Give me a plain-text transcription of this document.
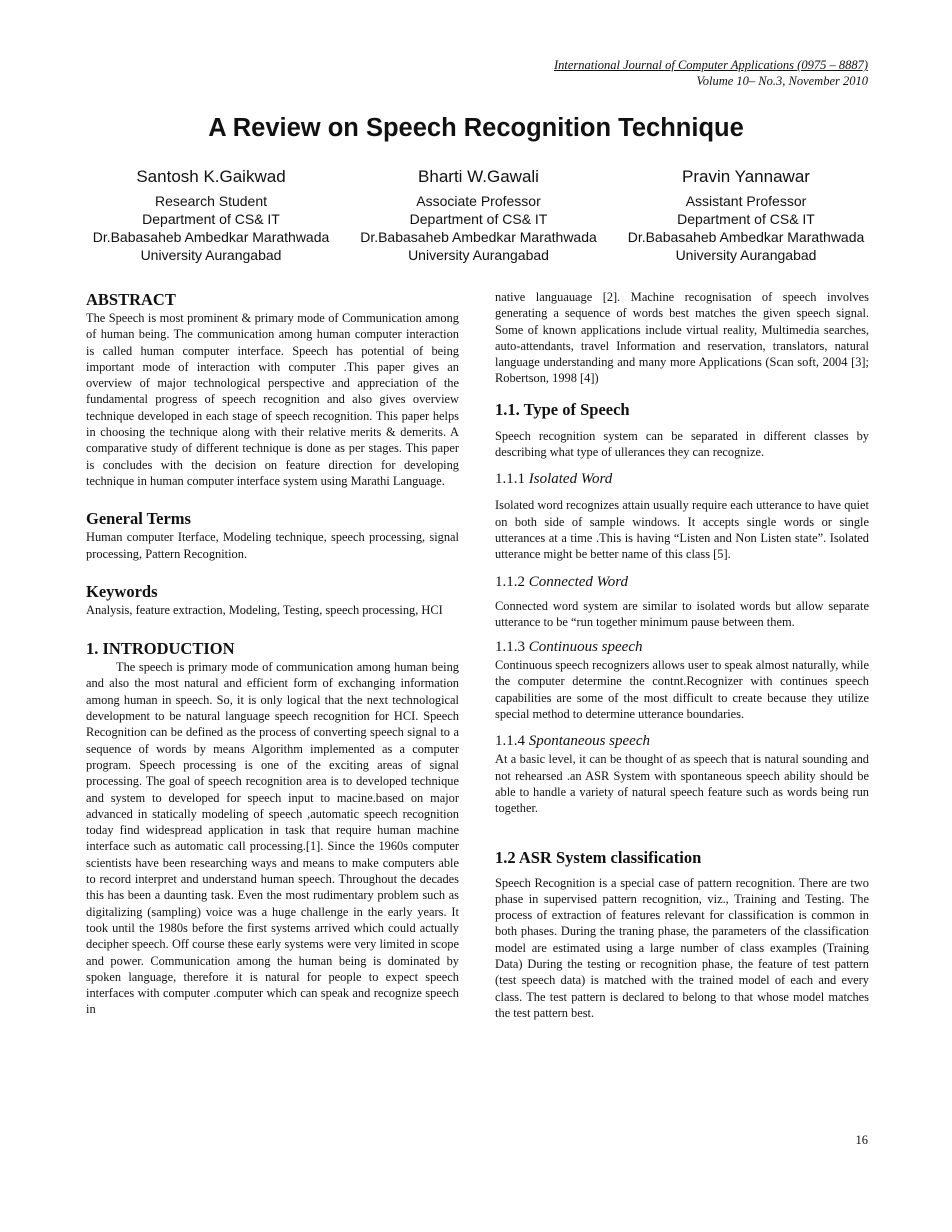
International Journal of Computer Applications (0975 – 8887)
Volume 10– No.3, November 2010
A Review on Speech Recognition Technique
Santosh K.Gaikwad
Research Student
Department of CS& IT
Dr.Babasaheb Ambedkar Marathwada
University Aurangabad
Bharti W.Gawali
Associate Professor
Department of CS& IT
Dr.Babasaheb Ambedkar Marathwada
University Aurangabad
Pravin Yannawar
Assistant Professor
Department of CS& IT
Dr.Babasaheb Ambedkar Marathwada
University Aurangabad
ABSTRACT

The Speech is most prominent & primary mode of Communication among of human being. The communication among human computer interaction is called human computer interface. Speech has potential of being important mode of interaction with computer .This paper gives an overview of major technological perspective and appreciation of the fundamental progress of speech recognition and also gives overview technique developed in each stage of speech recognition. This paper helps in choosing the technique along with their relative merits & demerits. A comparative study of different technique is done as per stages. This paper is concludes with the decision on feature direction for developing technique in human computer interface system using Marathi Language.

General Terms

Human computer Iterface, Modeling technique, speech processing, signal processing, Pattern Recognition.

Keywords

Analysis, feature extraction, Modeling, Testing, speech processing, HCI

1. INTRODUCTION

The speech is primary mode of communication among human being and also the most natural and efficient form of exchanging information among human in speech. So, it is only logical that the next technological development to be natural language speech recognition for HCI. Speech Recognition can be defined as the process of converting speech signal to a sequence of words by means Algorithm implemented as a computer program. Speech processing is one of the exciting areas of signal processing. The goal of speech recognition area is to developed technique and system to developed for speech input to macine.based on major advanced in statically modeling of speech ,automatic speech recognition today find widespread application in task that require human machine interface such as automatic call processing.[1]. Since the 1960s computer scientists have been researching ways and means to make computers able to record interpret and understand human speech. Throughout the decades this has been a daunting task. Even the most rudimentary problem such as digitalizing (sampling) voice was a huge challenge in the early years. It took until the 1980s before the first systems arrived which could actually decipher speech. Off course these early systems were very limited in scope and power. Communication among the human being is dominated by spoken language, therefore it is natural for people to expect speech interfaces with computer .computer which can speak and recognize speech in

native languauage [2]. Machine recognisation of speech involves generating a sequence of words best matches the given speech signal. Some of known applications include virtual reality, Multimedia searches, auto-attendants, travel Information and reservation, translators, natural language understanding and many more Applications (Scan soft, 2004 [3]; Robertson, 1998 [4])

1.1. Type of Speech

Speech recognition system can be separated in different classes by describing what type of ullerances they can recognize.

1.1.1 Isolated Word

Isolated word recognizes attain usually require each utterance to have quiet on both side of sample windows. It accepts single words or single utterances at a time .This is having “Listen and Non Listen state”. Isolated utterance might be better name of this class [5].

1.1.2 Connected Word

Connected word system are similar to isolated words but allow separate utterance to be “run together minimum pause between them.

1.1.3 Continuous speech

Continuous speech recognizers allows user to speak almost naturally, while the computer determine the contnt.Recognizer with continues speech capabilities are some of the most difficult to create because they utilize special method to determine utterance boundaries.

1.1.4 Spontaneous speech

At a basic level, it can be thought of as speech that is natural sounding and not rehearsed .an ASR System with spontaneous speech ability should be able to handle a variety of natural speech feature such as words being run together.

1.2 ASR System classification

Speech Recognition is a special case of pattern recognition. There are two phase in supervised pattern recognition, viz., Training and Testing. The process of extraction of features relevant for classification is common in both phases. During the traning phase, the parameters of the classification model are estimated using a large number of class examples (Training Data) During the testing or recognition phase, the feature of test pattern (test speech data) is matched with the trained model of each and every class. The test pattern is declared to belong to that whose model matches the test pattern best.

16
